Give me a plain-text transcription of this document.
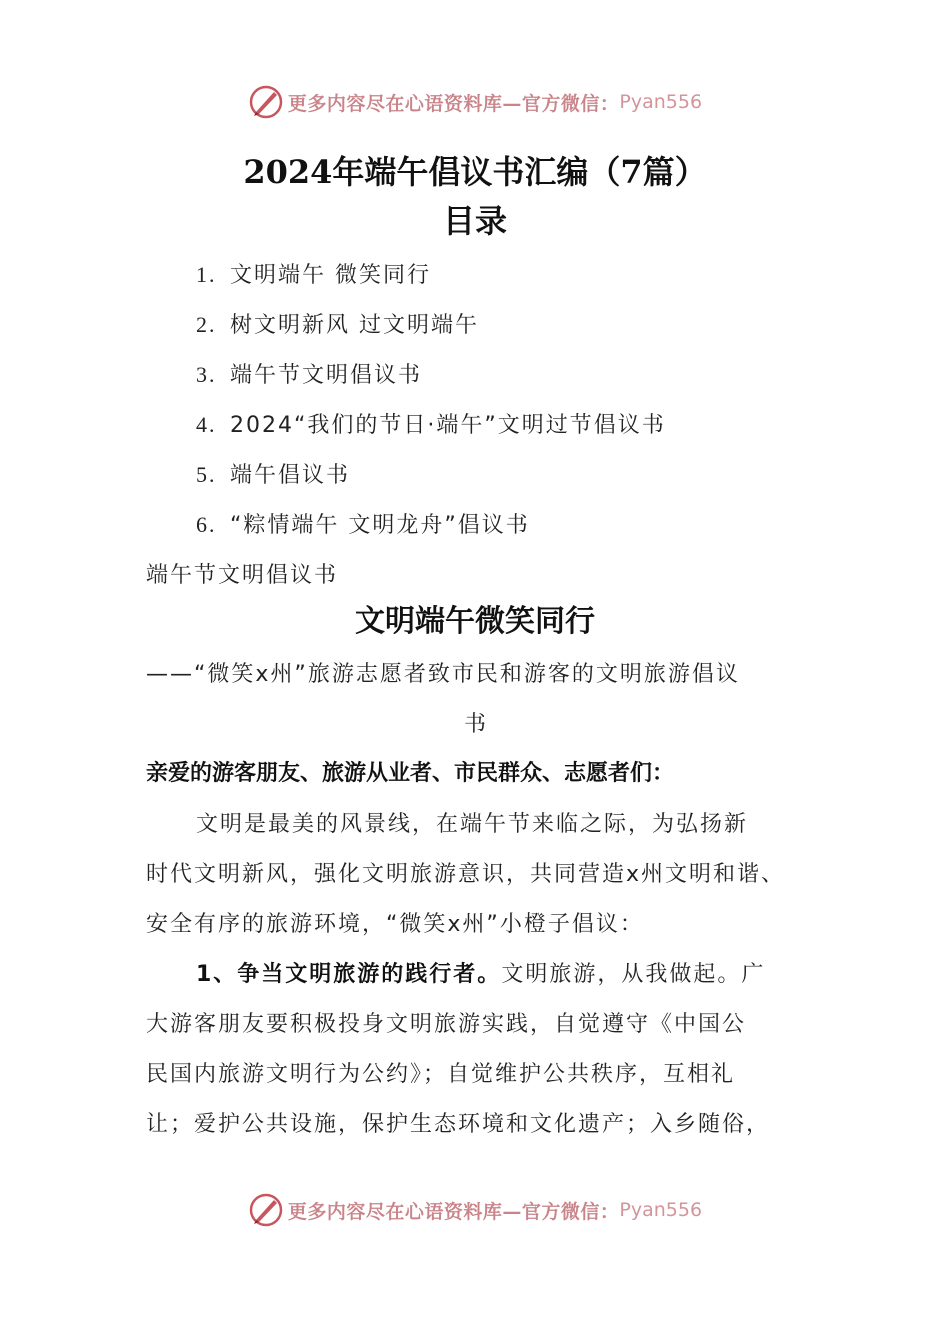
更多内容尽在心语资料库—官方微信： Pyan556
2024年端午倡议书汇编（7篇）
目录
1. 文明端午 微笑同行
2. 树文明新风 过文明端午
3. 端午节文明倡议书
4. 2024“我们的节日·端午”文明过节倡议书
5. 端午倡议书
6. “粽情端午 文明龙舟”倡议书
端午节文明倡议书
文明端午微笑同行
——“微笑x州”旅游志愿者致市民和游客的文明旅游倡议
书
亲爱的游客朋友、旅游从业者、市民群众、志愿者们：
文明是最美的风景线，在端午节来临之际，为弘扬新
时代文明新风，强化文明旅游意识，共同营造x州文明和谐、
安全有序的旅游环境，“微笑x州”小橙子倡议：
1、争当文明旅游的践行者。文明旅游，从我做起。广
大游客朋友要积极投身文明旅游实践，自觉遵守《中国公
民国内旅游文明行为公约》；自觉维护公共秩序，互相礼
让；爱护公共设施，保护生态环境和文化遗产；入乡随俗，
更多内容尽在心语资料库—官方微信： Pyan556
